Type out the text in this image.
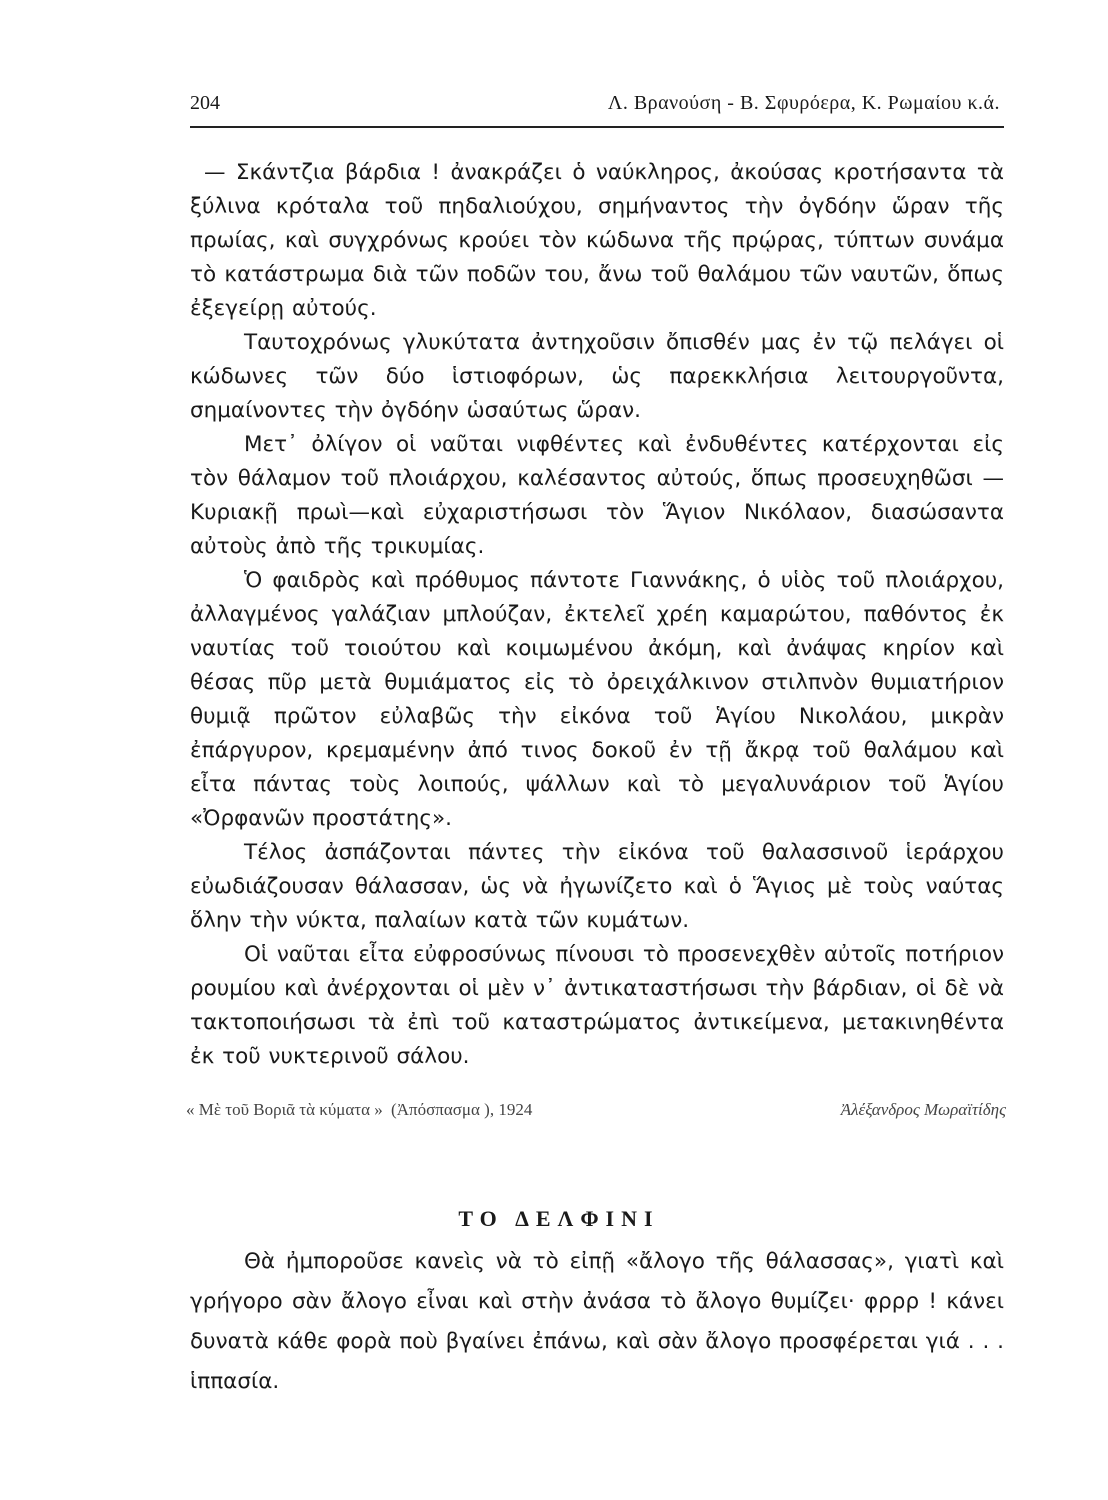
204	Λ. Βρανούση - Β. Σφυρόερα, Κ. Ρωμαίου κ.ά.

— Σκάντζια βάρδια ! ἀνακράζει ὁ ναύκληρος, ἀκούσας κροτήσαντα τὰ ξύλινα κρόταλα τοῦ πηδαλιούχου, σημήναντος τὴν ὀγδόην ὥραν τῆς πρωίας, καὶ συγχρόνως κρούει τὸν κώδωνα τῆς πρῴρας, τύπτων συνάμα τὸ κατάστρωμα διὰ τῶν ποδῶν του, ἄνω τοῦ θαλάμου τῶν ναυτῶν, ὅπως ἐξεγείρῃ αὐτούς.

Ταυτοχρόνως γλυκύτατα ἀντηχοῦσιν ὄπισθέν μας ἐν τῷ πελάγει οἱ κώδωνες τῶν δύο ἱστιοφόρων, ὡς παρεκκλήσια λειτουργοῦντα, σημαίνοντες τὴν ὀγδόην ὡσαύτως ὥραν.

Μετ᾽ ὀλίγον οἱ ναῦται νιφθέντες καὶ ἐνδυθέντες κατέρχονται εἰς τὸν θάλαμον τοῦ πλοιάρχου, καλέσαντος αὐτούς, ὅπως προσευχηθῶσι — Κυριακῇ πρωὶ—καὶ εὐχαριστήσωσι τὸν Ἅγιον Νικόλαον, διασώσαντα αὐτοὺς ἀπὸ τῆς τρικυμίας.

Ὁ φαιδρὸς καὶ πρόθυμος πάντοτε Γιαννάκης, ὁ υἱὸς τοῦ πλοιάρχου, ἀλλαγμένος γαλάζιαν μπλούζαν, ἐκτελεῖ χρέη καμαρώτου, παθόντος ἐκ ναυτίας τοῦ τοιούτου καὶ κοιμωμένου ἀκόμη, καὶ ἀνάψας κηρίον καὶ θέσας πῦρ μετὰ θυμιάματος εἰς τὸ ὀρειχάλκινον στιλπνὸν θυμιατήριον θυμιᾷ πρῶτον εὐλαβῶς τὴν εἰκόνα τοῦ Ἁγίου Νικολάου, μικρὰν ἐπάργυρον, κρεμαμένην ἀπό τινος δοκοῦ ἐν τῇ ἄκρᾳ τοῦ θαλάμου καὶ εἶτα πάντας τοὺς λοιπούς, ψάλλων καὶ τὸ μεγαλυνάριον τοῦ Ἁγίου «Ὀρφανῶν προστάτης».

Τέλος ἀσπάζονται πάντες τὴν εἰκόνα τοῦ θαλασσινοῦ ἱεράρχου εὐωδιάζουσαν θάλασσαν, ὡς νὰ ἠγωνίζετο καὶ ὁ Ἅγιος μὲ τοὺς ναύτας ὅλην τὴν νύκτα, παλαίων κατὰ τῶν κυμάτων.

Οἱ ναῦται εἶτα εὐφροσύνως πίνουσι τὸ προσενεχθὲν αὐτοῖς ποτήριον ρουμίου καὶ ἀνέρχονται οἱ μὲν ν᾽ ἀντικαταστήσωσι τὴν βάρδιαν, οἱ δὲ νὰ τακτοποιήσωσι τὰ ἐπὶ τοῦ καταστρώματος ἀντικείμενα, μετακινηθέντα ἐκ τοῦ νυκτερινοῦ σάλου.

« Μὲ τοῦ Βοριᾶ τὰ κύματα » (Ἀπόσπασμα ), 1924	Ἀλέξανδρος Μωραϊτίδης
ΤΟ ΔΕΛΦΙΝΙ

Θὰ ἠμποροῦσε κανεὶς νὰ τὸ εἰπῇ «ἄλογο τῆς θάλασσας», γιατὶ καὶ γρήγορο σὰν ἄλογο εἶναι καὶ στὴν ἀνάσα τὸ ἄλογο θυμίζει· φρρρ ! κάνει δυνατὰ κάθε φορὰ ποὺ βγαίνει ἐπάνω, καὶ σὰν ἄλογο προσφέρεται γιά . . . ἱππασία.
